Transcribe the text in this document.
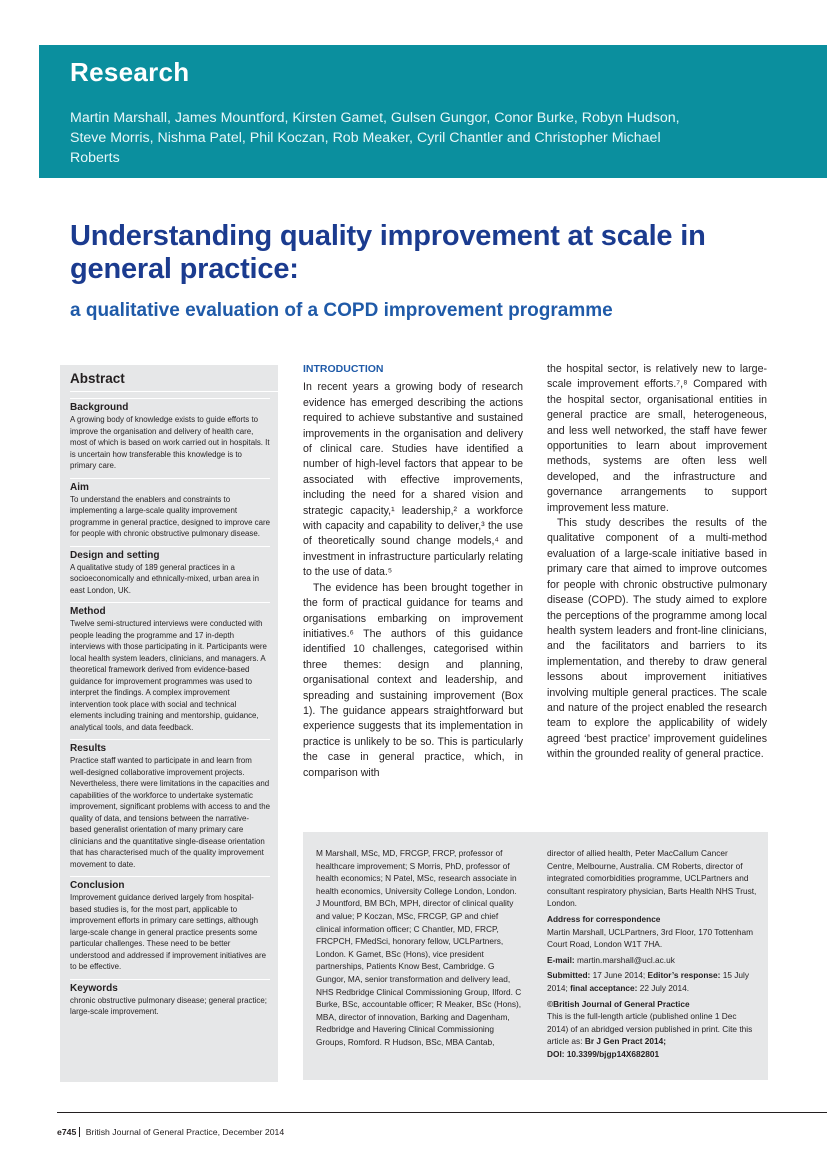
Research
Martin Marshall, James Mountford, Kirsten Gamet, Gulsen Gungor, Conor Burke, Robyn Hudson, Steve Morris, Nishma Patel, Phil Koczan, Rob Meaker, Cyril Chantler and Christopher Michael Roberts
Understanding quality improvement at scale in general practice:
a qualitative evaluation of a COPD improvement programme
Abstract
Background

A growing body of knowledge exists to guide efforts to improve the organisation and delivery of health care, most of which is based on work carried out in hospitals. It is uncertain how transferable this knowledge is to primary care.

Aim

To understand the enablers and constraints to implementing a large-scale quality improvement programme in general practice, designed to improve care for people with chronic obstructive pulmonary disease.

Design and setting

A qualitative study of 189 general practices in a socioeconomically and ethnically-mixed, urban area in east London, UK.

Method

Twelve semi-structured interviews were conducted with people leading the programme and 17 in-depth interviews with those participating in it. Participants were local health system leaders, clinicians, and managers. A theoretical framework derived from evidence-based guidance for improvement programmes was used to interpret the findings. A complex improvement intervention took place with social and technical elements including training and mentorship, guidance, analytical tools, and data feedback.

Results

Practice staff wanted to participate in and learn from well-designed collaborative improvement projects. Nevertheless, there were limitations in the capacities and capabilities of the workforce to undertake systematic improvement, significant problems with access to and the quality of data, and tensions between the narrative-based generalist orientation of many primary care clinicians and the quantitative single-disease orientation that has characterised much of the quality improvement movement to date.

Conclusion

Improvement guidance derived largely from hospital-based studies is, for the most part, applicable to improvement efforts in primary care settings, although large-scale change in general practice presents some particular challenges. These need to be better understood and addressed if improvement initiatives are to be effective.

Keywords

chronic obstructive pulmonary disease; general practice; large-scale improvement.

INTRODUCTION

In recent years a growing body of research evidence has emerged describing the actions required to achieve substantive and sustained improvements in the organisation and delivery of clinical care. Studies have identified a number of high-level factors that appear to be associated with effective improvements, including the need for a shared vision and strategic capacity,¹ leadership,² a workforce with capacity and capability to deliver,³ the use of theoretically sound change models,⁴ and investment in infrastructure particularly relating to the use of data.⁵

The evidence has been brought together in the form of practical guidance for teams and organisations embarking on improvement initiatives.⁶ The authors of this guidance identified 10 challenges, categorised within three themes: design and planning, organisational context and leadership, and spreading and sustaining improvement (Box 1). The guidance appears straightforward but experience suggests that its implementation in practice is unlikely to be so. This is particularly the case in general practice, which, in comparison with

the hospital sector, is relatively new to large-scale improvement efforts.⁷,⁸ Compared with the hospital sector, organisational entities in general practice are small, heterogeneous, and less well networked, the staff have fewer opportunities to learn about improvement methods, systems are often less well developed, and the infrastructure and governance arrangements to support improvement less mature.

This study describes the results of the qualitative component of a multi-method evaluation of a large-scale initiative based in primary care that aimed to improve outcomes for people with chronic obstructive pulmonary disease (COPD). The study aimed to explore the perceptions of the programme among local health system leaders and front-line clinicians, and the facilitators and barriers to its implementation, and thereby to draw general lessons about improvement initiatives involving multiple general practices. The scale and nature of the project enabled the research team to explore the applicability of widely agreed ‘best practice’ improvement guidelines within the grounded reality of general practice.

M Marshall, MSc, MD, FRCGP, FRCP, professor of healthcare improvement; S Morris, PhD, professor of health economics; N Patel, MSc, research associate in health economics, University College London, London. J Mountford, BM BCh, MPH, director of clinical quality and value; P Koczan, MSc, FRCGP, GP and chief clinical information officer; C Chantler, MD, FRCP, FRCPCH, FMedSci, honorary fellow, UCLPartners, London. K Gamet, BSc (Hons), vice president partnerships, Patients Know Best, Cambridge. G Gungor, MA, senior transformation and delivery lead, NHS Redbridge Clinical Commissioning Group, Ilford. C Burke, BSc, accountable officer; R Meaker, BSc (Hons), MBA, director of innovation, Barking and Dagenham, Redbridge and Havering Clinical Commissioning Groups, Romford. R Hudson, BSc, MBA Cantab,
director of allied health, Peter MacCallum Cancer Centre, Melbourne, Australia. CM Roberts, director of integrated comorbidities programme, UCLPartners and consultant respiratory physician, Barts Health NHS Trust, London.
Address for correspondence
Martin Marshall, UCLPartners, 3rd Floor, 170 Tottenham Court Road, London W1T 7HA.
E-mail: martin.marshall@ucl.ac.uk
Submitted: 17 June 2014; Editor’s response: 15 July 2014; final acceptance: 22 July 2014.
©British Journal of General Practice
This is the full-length article (published online 1 Dec 2014) of an abridged version published in print. Cite this article as: Br J Gen Pract 2014;
DOI: 10.3399/bjgp14X682801
e745 British Journal of General Practice, December 2014
